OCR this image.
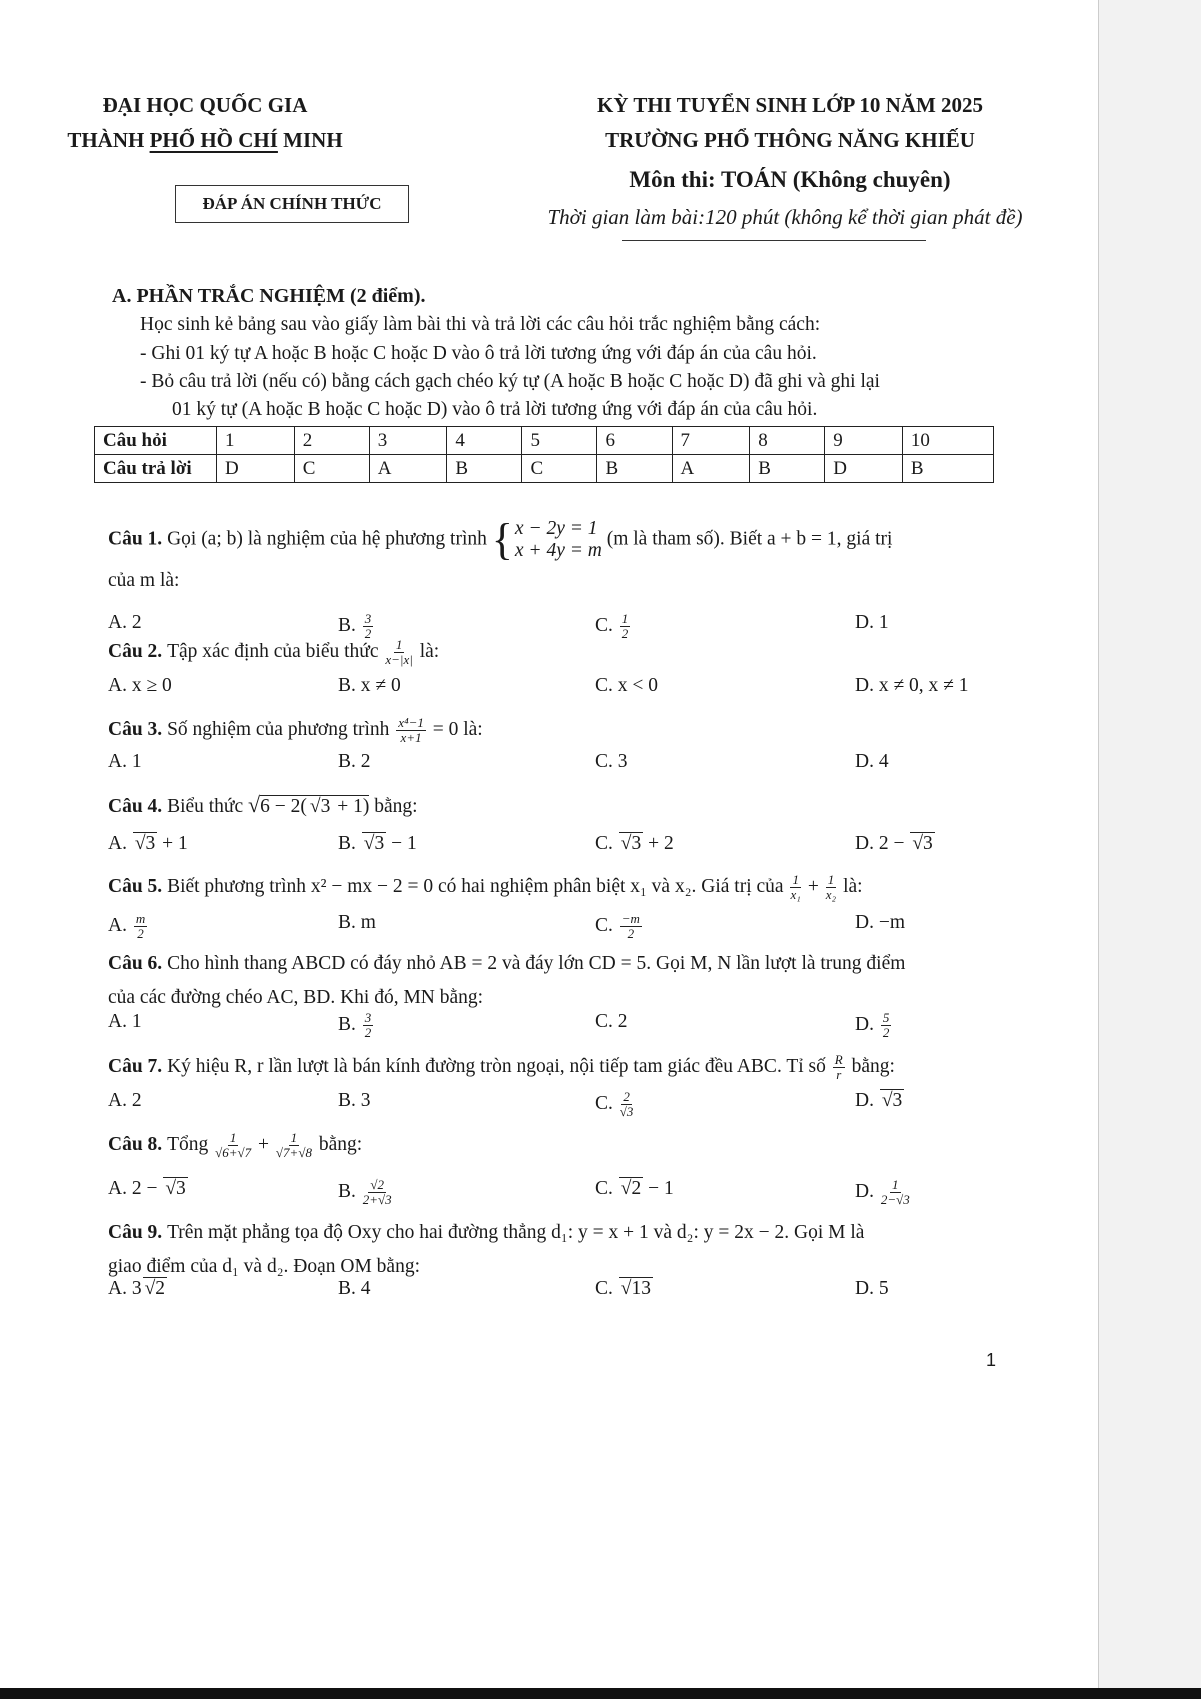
ĐẠI HỌC QUỐC GIA
THÀNH PHỐ HỒ CHÍ MINH
ĐÁP ÁN CHÍNH THỨC
KỲ THI TUYỂN SINH LỚP 10 NĂM 2025
TRƯỜNG PHỔ THÔNG NĂNG KHIẾU
Môn thi: TOÁN (Không chuyên)
Thời gian làm bài:120 phút (không kể thời gian phát đề)
A. PHẦN TRẮC NGHIỆM (2 điểm).
Học sinh kẻ bảng sau vào giấy làm bài thi và trả lời các câu hỏi trắc nghiệm bằng cách:
- Ghi 01 ký tự A hoặc B hoặc C hoặc D vào ô trả lời tương ứng với đáp án của câu hỏi.
- Bỏ câu trả lời (nếu có) bằng cách gạch chéo ký tự (A hoặc B hoặc C hoặc D) đã ghi và ghi lại
01 ký tự (A hoặc B hoặc C hoặc D) vào ô trả lời tương ứng với đáp án của câu hỏi.
Câu hỏi	1	2	3	4	5	6	7	8	9	10
Câu trả lời	D	C	A	B	C	B	A	B	D	B
Câu 1. Gọi (a; b) là nghiệm của hệ phương trình { x − 2y = 1
x + 4y = m
(m là tham số). Biết a + b = 1, giá trị
của m là:
A. 2	B. $\frac{3}{2}$	C. $\frac{1}{2}$	D. 1
Câu 2. Tập xác định của biểu thức $\frac{1}{x-|x|}$ là:
A. x ≥ 0	B. x ≠ 0	C. x < 0	D. x ≠ 0, x ≠ 1
Câu 3. Số nghiệm của phương trình $\frac{\text{x⁴−1}}{x+1} = 0$ là:
A. 1	B. 2	C. 3	D. 4
Câu 4. Biểu thức √6 − 2( √ 3 + 1) bằng:
A. √ 3 + 1	B. √ 3 − 1	C. √ 3 + 2	D. 2 − √ 3
Câu 5. Biết phương trình x² − mx − 2 = 0 có hai nghiệm phân biệt x₁ và x₂. Giá trị của $\frac{1}{\text{x₁}} + \frac{1}{\text{x₂}}$ là:
A. $\frac{m}{2}$	B. m	C. $\frac{-m}{2}$	D. −m
Câu 6. Cho hình thang ABCD có đáy nhỏ AB = 2 và đáy lớn CD = 5. Gọi M, N lần lượt là trung điểm
của các đường chéo AC, BD. Khi đó, MN bằng:
A. 1	B. $\frac{3}{2}$	C. 2	D. $\frac{5}{2}$
Câu 7. Ký hiệu R, r lần lượt là bán kính đường tròn ngoại, nội tiếp tam giác đều ABC. Tỉ số $\frac{R}{r}$ bằng:
A. 2	B. 3	C. $\frac{2}{√3}$	D. √ 3
Câu 8. Tổng $\frac{1}{√6+√7} + \frac{1}{√7+√8}$ bằng:
A. 2 − √ 3	B. $\frac{√2}{2+√3}$	C. √ 2 − 1	D. $\frac{1}{2-√3}$
Câu 9. Trên mặt phẳng tọa độ Oxy cho hai đường thẳng d₁: y = x + 1 và d₂: y = 2x − 2. Gọi M là
giao điểm của d₁ và d₂. Đoạn OM bằng:
A. 3 √ 2	B. 4	C. √ 13	D. 5
1
